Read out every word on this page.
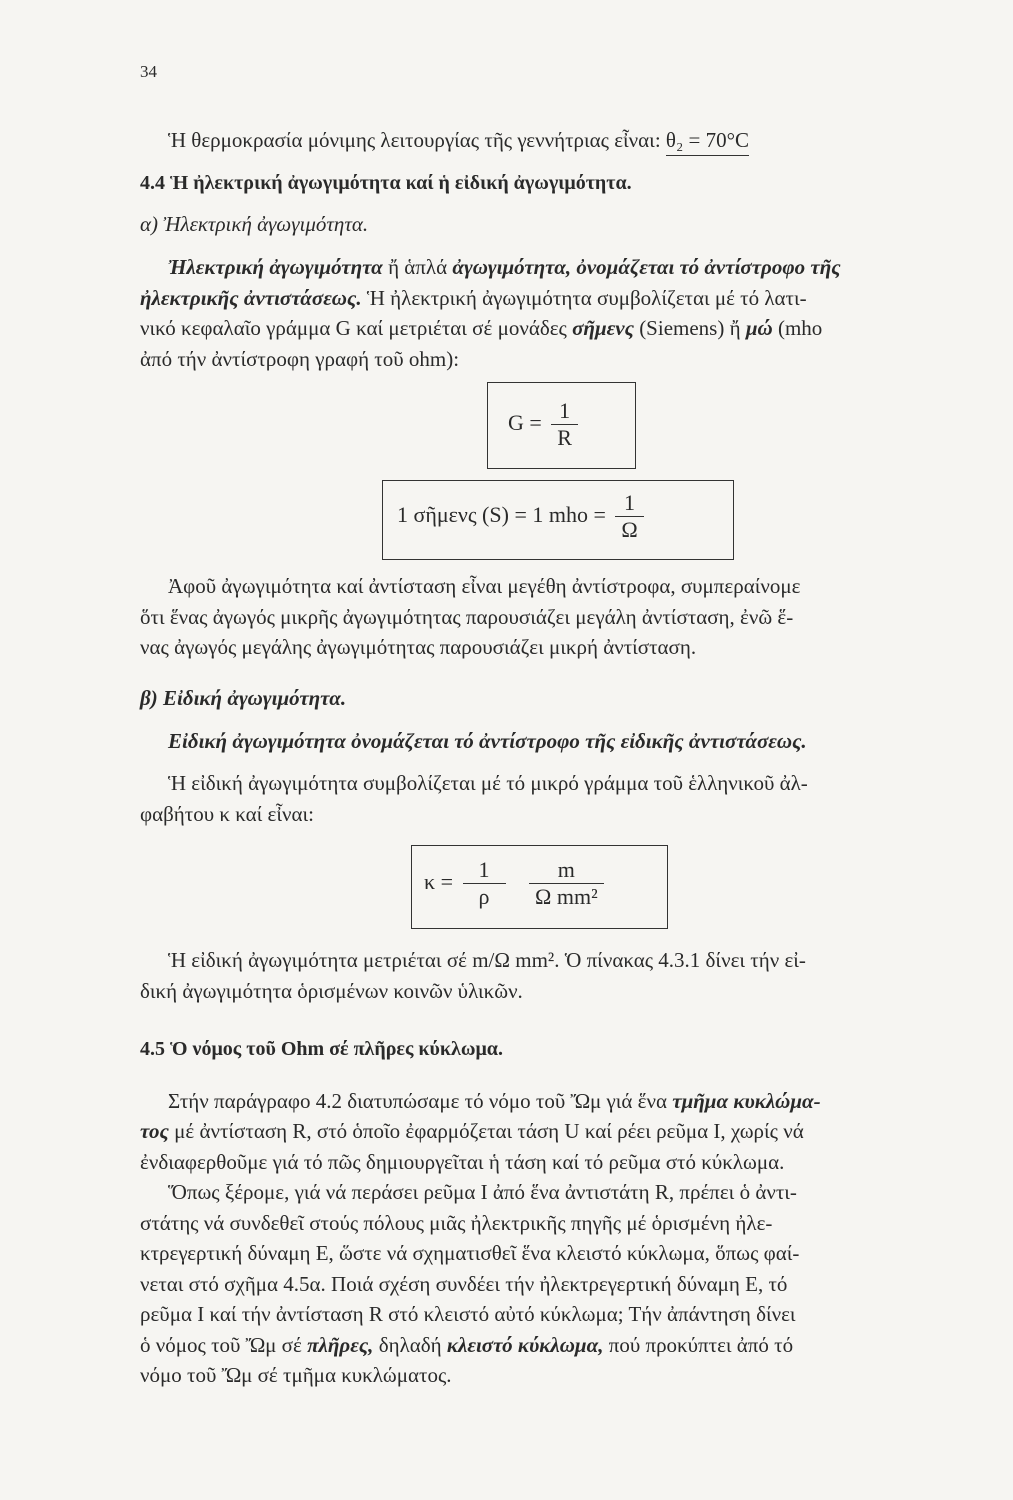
34
Ἡ θερμοκρασία μόνιμης λειτουργίας τῆς γεννήτριας εἶναι: θ₂ = 70°C
4.4 Ἡ ἠλεκτρική ἀγωγιμότητα καί ἡ εἰδική ἀγωγιμότητα.
α) Ἠλεκτρική ἀγωγιμότητα.
Ἠλεκτρική ἀγωγιμότητα ἤ ἁπλά ἀγωγιμότητα, ὀνομάζεται τό ἀντίστροφο τῆς
ἠλεκτρικῆς ἀντιστάσεως. Ἡ ἠλεκτρική ἀγωγιμότητα συμβολίζεται μέ τό λατι-
νικό κεφαλαῖο γράμμα G καί μετριέται σέ μονάδες σῆμενς (Siemens) ἤ μώ (mho
ἀπό τήν ἀντίστροφη γραφή τοῦ ohm):
$G = \frac{1}{R}$
1 σῆμενς (S) = 1 mho = $\frac{1}{\Omega}$
Ἀφοῦ ἀγωγιμότητα καί ἀντίσταση εἶναι μεγέθη ἀντίστροφα, συμπεραίνομε
ὅτι ἕνας ἀγωγός μικρῆς ἀγωγιμότητας παρουσιάζει μεγάλη ἀντίσταση, ἐνῶ ἕ-
νας ἀγωγός μεγάλης ἀγωγιμότητας παρουσιάζει μικρή ἀντίσταση.
β) Εἰδική ἀγωγιμότητα.
Εἰδική ἀγωγιμότητα ὀνομάζεται τό ἀντίστροφο τῆς εἰδικῆς ἀντιστάσεως.
Ἡ εἰδική ἀγωγιμότητα συμβολίζεται μέ τό μικρό γράμμα τοῦ ἑλληνικοῦ ἀλ-
φαβήτου κ καί εἶναι:
$\kappa = \frac{1}{\rho}$
$\frac{m}{\text{Ω mm²}}$
Ἡ εἰδική ἀγωγιμότητα μετριέται σέ m/Ω mm². Ὁ πίνακας 4.3.1 δίνει τήν εἰ-
δική ἀγωγιμότητα ὁρισμένων κοινῶν ὑλικῶν.
4.5 Ὁ νόμος τοῦ Ohm σέ πλῆρες κύκλωμα.
Στήν παράγραφο 4.2 διατυπώσαμε τό νόμο τοῦ Ὤμ γιά ἕνα τμῆμα κυκλώμα-
τος μέ ἀντίσταση R, στό ὁποῖο ἐφαρμόζεται τάση U καί ρέει ρεῦμα Ι, χωρίς νά
ἐνδιαφερθοῦμε γιά τό πῶς δημιουργεῖται ἡ τάση καί τό ρεῦμα στό κύκλωμα.
Ὅπως ξέρομε, γιά νά περάσει ρεῦμα Ι ἀπό ἕνα ἀντιστάτη R, πρέπει ὁ ἀντι-
στάτης νά συνδεθεῖ στούς πόλους μιᾶς ἠλεκτρικῆς πηγῆς μέ ὁρισμένη ἠλε-
κτρεγερτική δύναμη Ε, ὥστε νά σχηματισθεῖ ἕνα κλειστό κύκλωμα, ὅπως φαί-
νεται στό σχῆμα 4.5α. Ποιά σχέση συνδέει τήν ἠλεκτρεγερτική δύναμη Ε, τό
ρεῦμα Ι καί τήν ἀντίσταση R στό κλειστό αὐτό κύκλωμα; Τήν ἀπάντηση δίνει
ὁ νόμος τοῦ Ὤμ σέ πλῆρες, δηλαδή κλειστό κύκλωμα, πού προκύπτει ἀπό τό
νόμο τοῦ Ὤμ σέ τμῆμα κυκλώματος.
